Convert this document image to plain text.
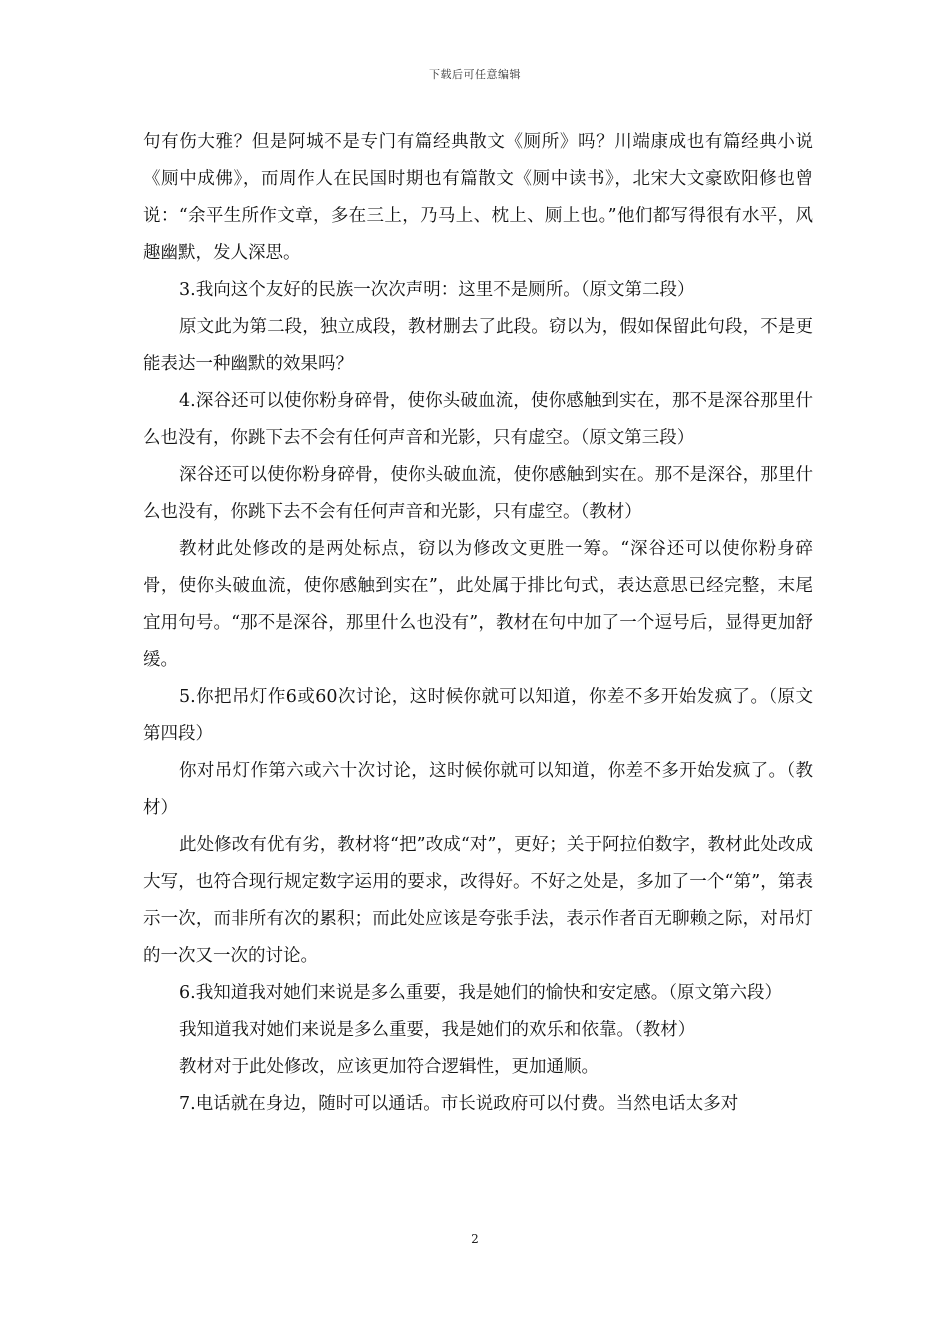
下载后可任意编辑

句有伤大雅？但是阿城不是专门有篇经典散文《厕所》吗？川端康成也有篇经典小说《厕中成佛》，而周作人在民国时期也有篇散文《厕中读书》，北宋大文豪欧阳修也曾说：“余平生所作文章，多在三上，乃马上、枕上、厕上也。”他们都写得很有水平，风趣幽默，发人深思。

3.我向这个友好的民族一次次声明：这里不是厕所。（原文第二段）

原文此为第二段，独立成段，教材删去了此段。窃以为，假如保留此句段，不是更能表达一种幽默的效果吗？

4.深谷还可以使你粉身碎骨，使你头破血流，使你感触到实在，那不是深谷那里什么也没有，你跳下去不会有任何声音和光影，只有虚空。（原文第三段）

深谷还可以使你粉身碎骨，使你头破血流，使你感触到实在。那不是深谷，那里什么也没有，你跳下去不会有任何声音和光影，只有虚空。（教材）

教材此处修改的是两处标点，窃以为修改文更胜一筹。“深谷还可以使你粉身碎骨，使你头破血流，使你感触到实在”，此处属于排比句式，表达意思已经完整，末尾宜用句号。“那不是深谷，那里什么也没有”，教材在句中加了一个逗号后，显得更加舒缓。

5.你把吊灯作6或60次讨论，这时候你就可以知道，你差不多开始发疯了。（原文第四段）

你对吊灯作第六或六十次讨论，这时候你就可以知道，你差不多开始发疯了。（教材）

此处修改有优有劣，教材将“把”改成“对”，更好；关于阿拉伯数字，教材此处改成大写，也符合现行规定数字运用的要求，改得好。不好之处是，多加了一个“第”，第表示一次，而非所有次的累积；而此处应该是夸张手法，表示作者百无聊赖之际，对吊灯的一次又一次的讨论。

6.我知道我对她们来说是多么重要，我是她们的愉快和安定感。（原文第六段）

我知道我对她们来说是多么重要，我是她们的欢乐和依靠。（教材）

教材对于此处修改，应该更加符合逻辑性，更加通顺。

7.电话就在身边，随时可以通话。市长说政府可以付费。当然电话太多对

2
